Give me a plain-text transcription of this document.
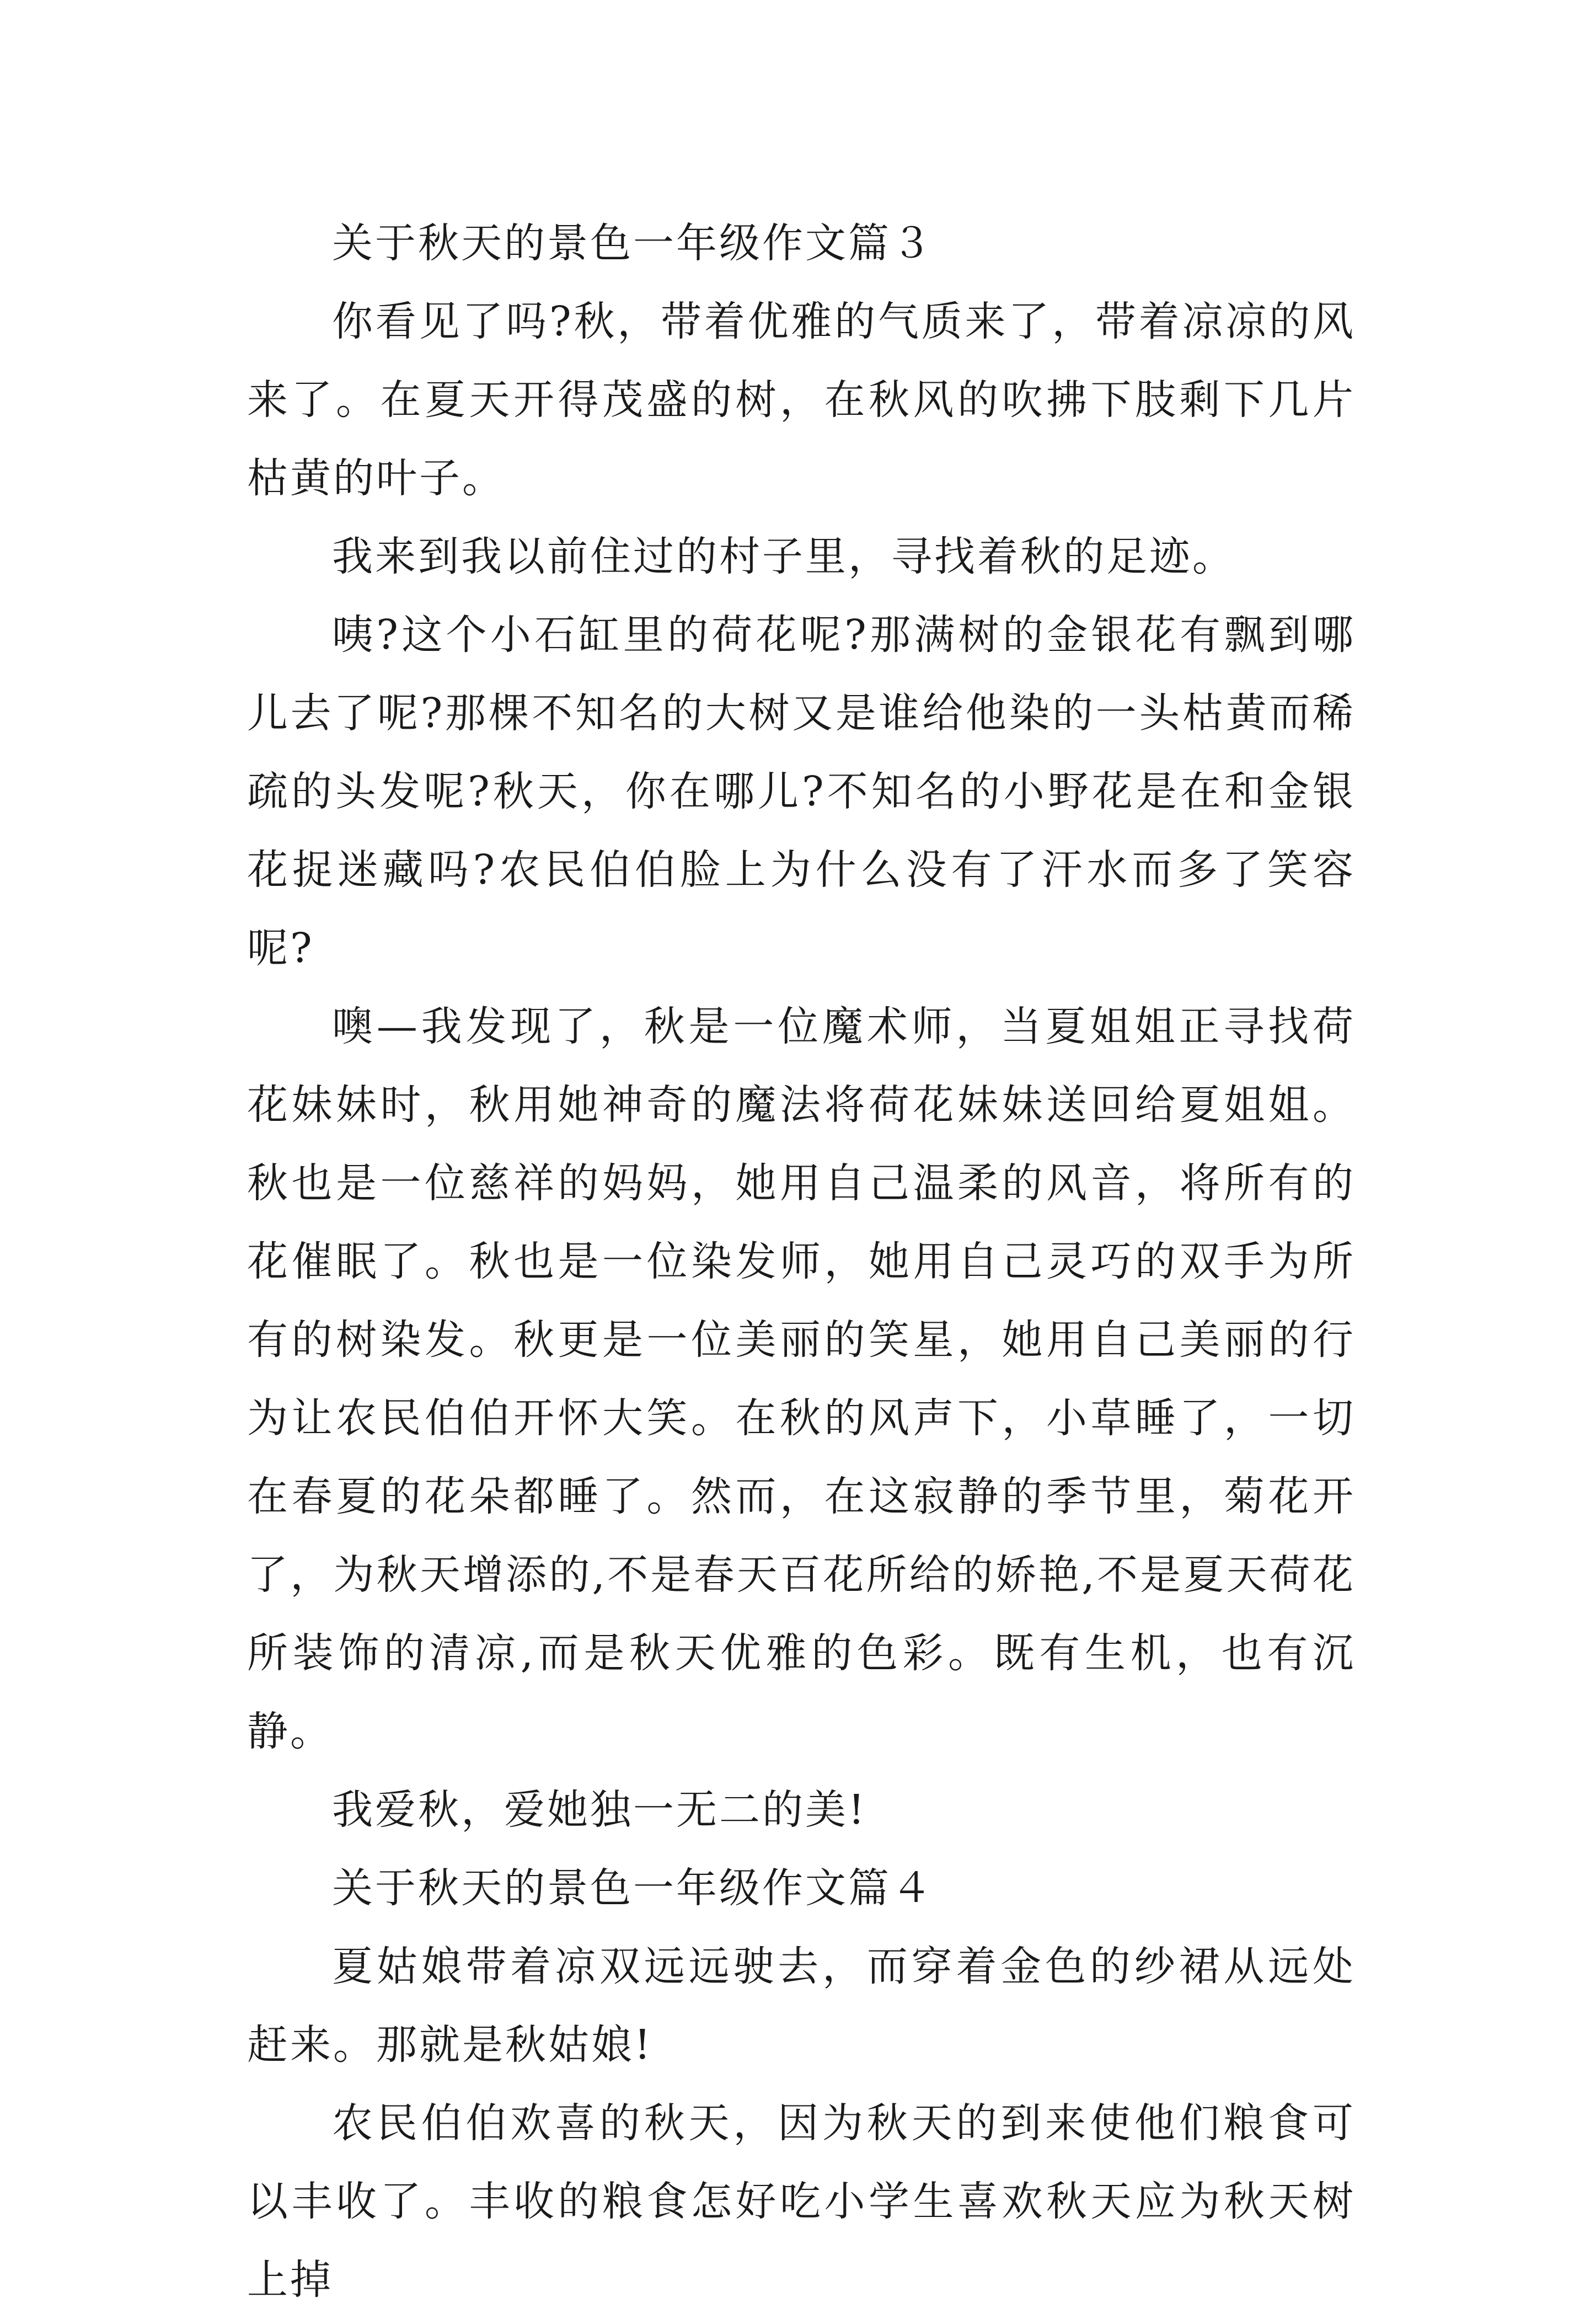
关于秋天的景色一年级作文篇３

你看见了吗?秋，带着优雅的气质来了，带着凉凉的风来了。在夏天开得茂盛的树，在秋风的吹拂下肢剩下几片枯黄的叶子。

我来到我以前住过的村子里，寻找着秋的足迹。

咦?这个小石缸里的荷花呢?那满树的金银花有飘到哪儿去了呢?那棵不知名的大树又是谁给他染的一头枯黄而稀疏的头发呢?秋天，你在哪儿?不知名的小野花是在和金银花捉迷藏吗?农民伯伯脸上为什么没有了汗水而多了笑容呢?

噢—我发现了，秋是一位魔术师，当夏姐姐正寻找荷花妹妹时，秋用她神奇的魔法将荷花妹妹送回给夏姐姐。秋也是一位慈祥的妈妈，她用自己温柔的风音，将所有的花催眠了。秋也是一位染发师，她用自己灵巧的双手为所有的树染发。秋更是一位美丽的笑星，她用自己美丽的行为让农民伯伯开怀大笑。在秋的风声下，小草睡了，一切在春夏的花朵都睡了。然而，在这寂静的季节里，菊花开了，为秋天增添的,不是春天百花所给的娇艳,不是夏天荷花所装饰的清凉,而是秋天优雅的色彩。既有生机，也有沉静。

我爱秋，爱她独一无二的美!

关于秋天的景色一年级作文篇４

夏姑娘带着凉双远远驶去，而穿着金色的纱裙从远处赶来。那就是秋姑娘!

农民伯伯欢喜的秋天，因为秋天的到来使他们粮食可以丰收了。丰收的粮食怎好吃小学生喜欢秋天应为秋天树上掉
